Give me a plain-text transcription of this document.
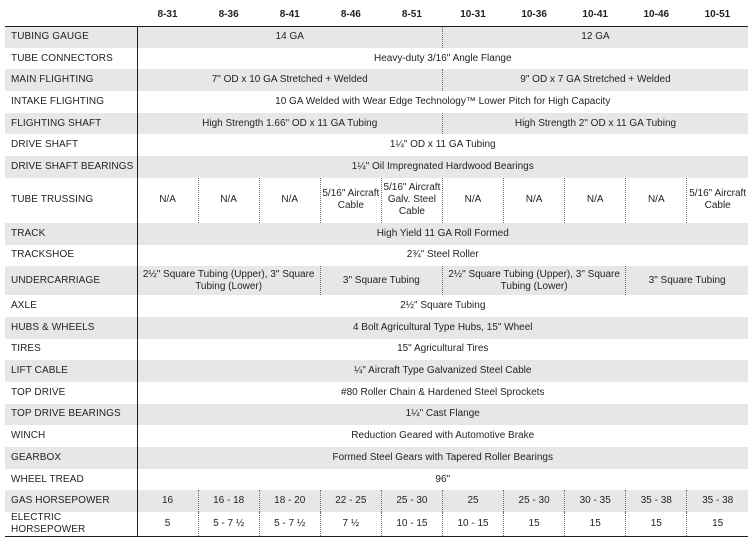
	8-31	8-36	8-41	8-46	8-51	10-31	10-36	10-41	10-46	10-51
TUBING GAUGE	14 GA					12 GA				
TUBE CONNECTORS	Heavy-duty 3/16" Angle Flange									
MAIN FLIGHTING	7" OD x 10 GA Stretched + Welded					9" OD x 7 GA Stretched + Welded				
INTAKE FLIGHTING	10 GA Welded with Wear Edge Technology™ Lower Pitch for High Capacity									
FLIGHTING SHAFT	High Strength 1.66" OD x 11 GA Tubing					High Strength 2" OD x 11 GA Tubing				
DRIVE SHAFT	1¼" OD x 11 GA Tubing									
DRIVE SHAFT BEARINGS	1¼" Oil Impregnated Hardwood Bearings									
TUBE TRUSSING	N/A	N/A	N/A	5/16" Aircraft Cable	5/16" Aircraft Galv. Steel Cable	N/A	N/A	N/A	N/A	5/16" Aircraft Cable
TRACK	High Yield 11 GA Roll Formed									
TRACKSHOE	2¾" Steel Roller									
UNDERCARRIAGE	2½" Square Tubing (Upper), 3" Square Tubing (Lower)			3" Square Tubing		2½" Square Tubing (Upper), 3" Square Tubing (Lower)			3" Square Tubing	
AXLE	2½" Square Tubing									
HUBS & WHEELS	4 Bolt Agricultural Type Hubs, 15" Wheel									
TIRES	15" Agricultural Tires									
LIFT CABLE	¼" Aircraft Type Galvanized Steel Cable									
TOP DRIVE	#80 Roller Chain & Hardened Steel Sprockets									
TOP DRIVE BEARINGS	1¼" Cast Flange									
WINCH	Reduction Geared with Automotive Brake									
GEARBOX	Formed Steel Gears with Tapered Roller Bearings									
WHEEL TREAD	96"									
GAS HORSEPOWER	16	16 - 18	18 - 20	22 - 25	25 - 30	25	25 - 30	30 - 35	35 - 38	35 - 38
ELECTRIC HORSEPOWER	5	5 - 7 ½	5 - 7 ½	7 ½	10 - 15	10 - 15	15	15	15	15
